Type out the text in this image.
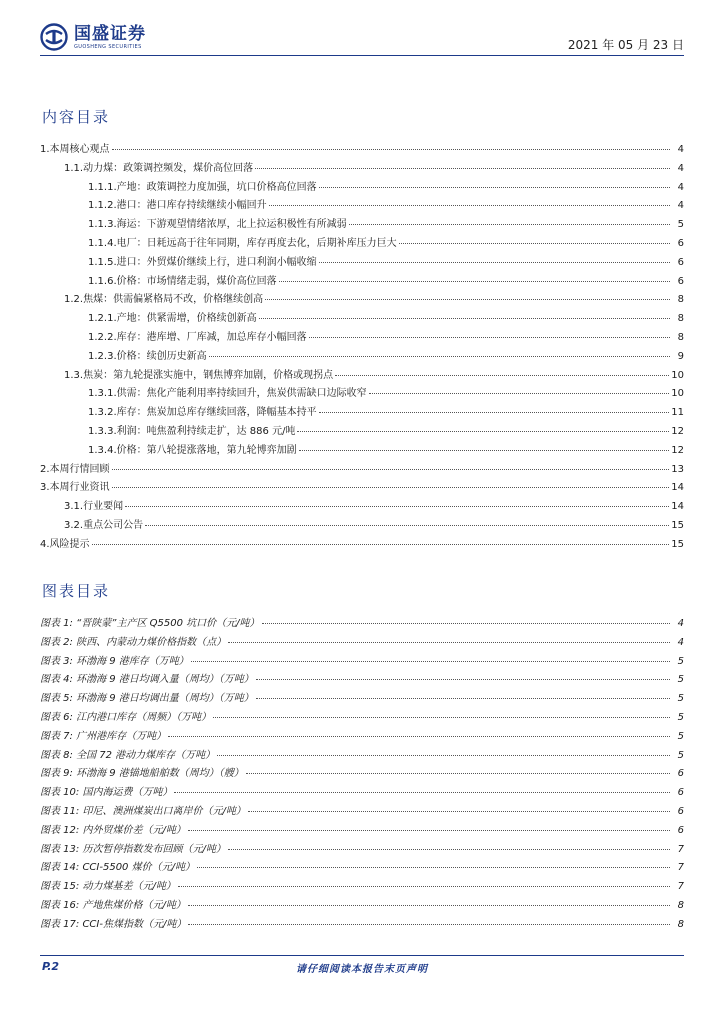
国盛证券
GUOSHENG SECURITIES	2021 年 05 月 23 日
内容目录
1.本周核心观点	4
1.1.动力煤：政策调控频发，煤价高位回落	4
1.1.1.产地：政策调控力度加强，坑口价格高位回落	4
1.1.2.港口：港口库存持续继续小幅回升	4
1.1.3.海运：下游观望情绪浓厚，北上拉运积极性有所减弱	5
1.1.4.电厂：日耗远高于往年同期，库存再度去化，后期补库压力巨大	6
1.1.5.进口：外贸煤价继续上行，进口利润小幅收缩	6
1.1.6.价格：市场情绪走弱，煤价高位回落	6
1.2.焦煤：供需偏紧格局不改，价格继续创高	8
1.2.1.产地：供紧需增，价格续创新高	8
1.2.2.库存：港库增、厂库减，加总库存小幅回落	8
1.2.3.价格：续创历史新高	9
1.3.焦炭：第九轮提涨实施中，钢焦博弈加剧，价格或现拐点	10
1.3.1.供需：焦化产能利用率持续回升，焦炭供需缺口边际收窄	10
1.3.2.库存：焦炭加总库存继续回落，降幅基本持平	11
1.3.3.利润：吨焦盈利持续走扩，达 886 元/吨	12
1.3.4.价格：第八轮提涨落地，第九轮博弈加剧	12
2.本周行情回顾	13
3.本周行业资讯	14
3.1.行业要闻	14
3.2.重点公司公告	15
4.风险提示	15
图表目录
图表 1: “晋陕蒙”主产区 Q5500 坑口价（元/吨）	4
图表 2: 陕西、内蒙动力煤价格指数（点）	4
图表 3: 环渤海 9 港库存（万吨）	5
图表 4: 环渤海 9 港日均调入量（周均）（万吨）	5
图表 5: 环渤海 9 港日均调出量（周均）（万吨）	5
图表 6: 江内港口库存（周频）（万吨）	5
图表 7: 广州港库存（万吨）	5
图表 8: 全国 72 港动力煤库存（万吨）	5
图表 9: 环渤海 9 港锚地船舶数（周均）（艘）	6
图表 10: 国内海运费（万吨）	6
图表 11: 印尼、澳洲煤炭出口离岸价（元/吨）	6
图表 12: 内外贸煤价差（元/吨）	6
图表 13: 历次暂停指数发布回顾（元/吨）	7
图表 14: CCI-5500 煤价（元/吨）	7
图表 15: 动力煤基差（元/吨）	7
图表 16: 产地焦煤价格（元/吨）	8
图表 17: CCI-焦煤指数（元/吨）	8
P.2	请仔细阅读本报告末页声明
